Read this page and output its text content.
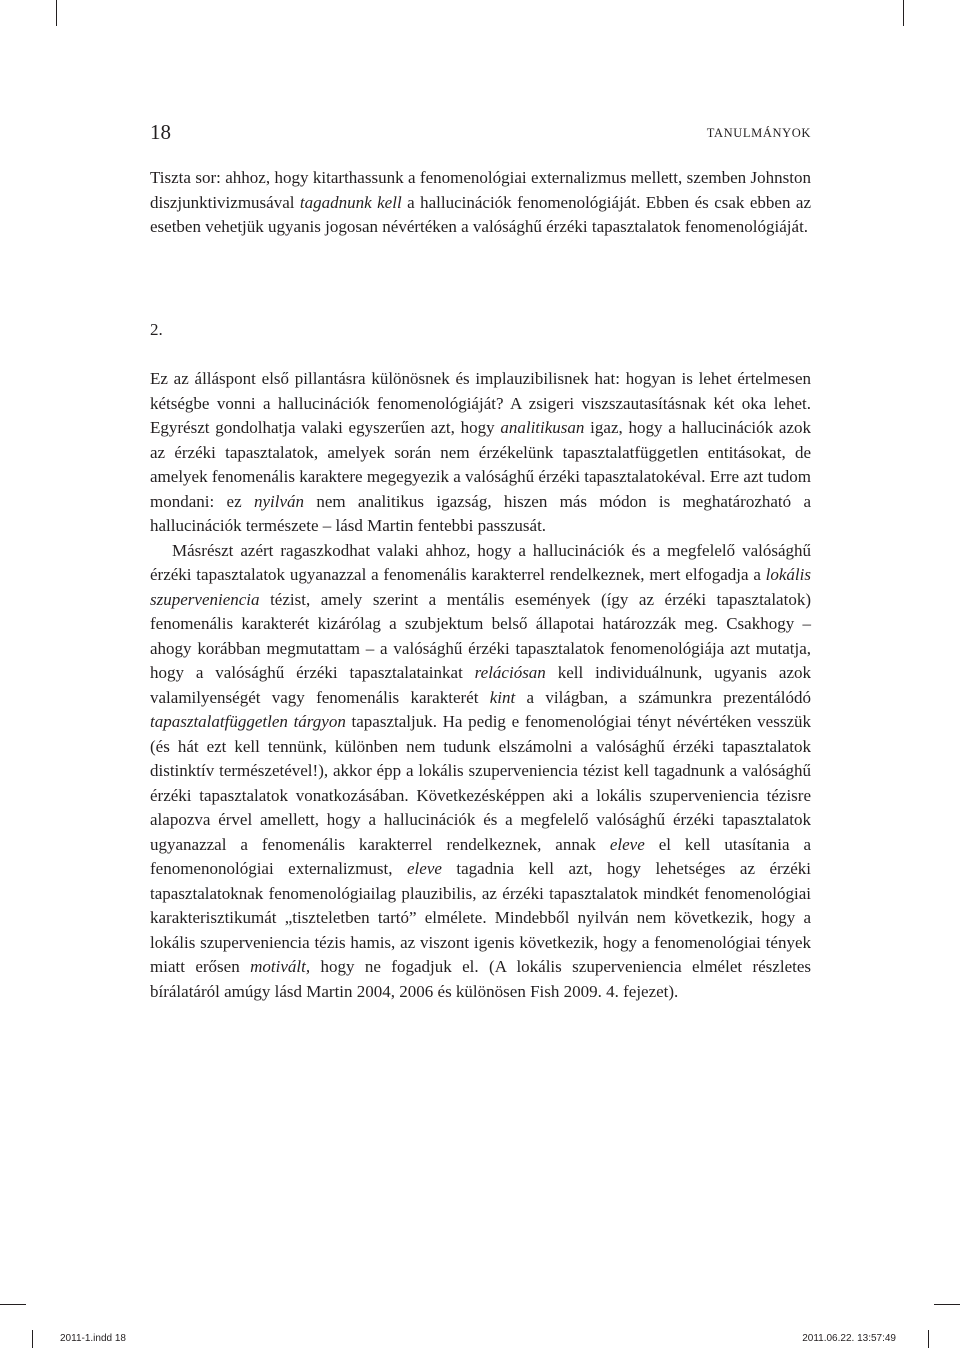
18	TANULMÁNYOK

Tiszta sor: ahhoz, hogy kitarthassunk a fenomenológiai externalizmus mellett, szemben Johnston diszjunktivizmusával tagadnunk kell a hallucinációk fenomenológiáját. Ebben és csak ebben az esetben vehetjük ugyanis jogosan névértéken a valósághű érzéki tapasztalatok fenomenológiáját.

2.

Ez az álláspont első pillantásra különösnek és implauzibilisnek hat: hogyan is lehet értelmesen kétségbe vonni a hallucinációk fenomenológiáját? A zsigeri viszszautasításnak két oka lehet. Egyrészt gondolhatja valaki egyszerűen azt, hogy analitikusan igaz, hogy a hallucinációk azok az érzéki tapasztalatok, amelyek során nem érzékelünk tapasztalatfüggetlen entitásokat, de amelyek fenomenális karaktere megegyezik a valósághű érzéki tapasztalatokéval. Erre azt tudom mondani: ez nyilván nem analitikus igazság, hiszen más módon is meghatározható a hallucinációk természete – lásd Martin fentebbi passzusát.

Másrészt azért ragaszkodhat valaki ahhoz, hogy a hallucinációk és a megfelelő valósághű érzéki tapasztalatok ugyanazzal a fenomenális karakterrel rendelkeznek, mert elfogadja a lokális szuperveniencia tézist, amely szerint a mentális események (így az érzéki tapasztalatok) fenomenális karakterét kizárólag a szubjektum belső állapotai határozzák meg. Csakhogy – ahogy korábban megmutattam – a valósághű érzéki tapasztalatok fenomenológiája azt mutatja, hogy a valósághű érzéki tapasztalatainkat relációsan kell individuálnunk, ugyanis azok valamilyenségét vagy fenomenális karakterét kint a világban, a számunkra prezentálódó tapasztalatfüggetlen tárgyon tapasztaljuk. Ha pedig e fenomenológiai tényt névértéken vesszük (és hát ezt kell tennünk, különben nem tudunk elszámolni a valósághű érzéki tapasztalatok distinktív természetével!), akkor épp a lokális szuperveniencia tézist kell tagadnunk a valósághű érzéki tapasztalatok vonatkozásában. Következésképpen aki a lokális szuperveniencia tézisre alapozva érvel amellett, hogy a hallucinációk és a megfelelő valósághű érzéki tapasztalatok ugyanazzal a fenomenális karakterrel rendelkeznek, annak eleve el kell utasítania a fenomenonológiai externalizmust, eleve tagadnia kell azt, hogy lehetséges az érzéki tapasztalatoknak fenomenológiailag plauzibilis, az érzéki tapasztalatok mindkét fenomenológiai karakterisztikumát „tiszteletben tartó” elmélete. Mindebből nyilván nem következik, hogy a lokális szuperveniencia tézis hamis, az viszont igenis következik, hogy a fenomenológiai tények miatt erősen motivált, hogy ne fogadjuk el. (A lokális szuperveniencia elmélet részletes bírálatáról amúgy lásd Martin 2004, 2006 és különösen Fish 2009. 4. fejezet).

2011-1.indd 18	2011.06.22. 13:57:49
